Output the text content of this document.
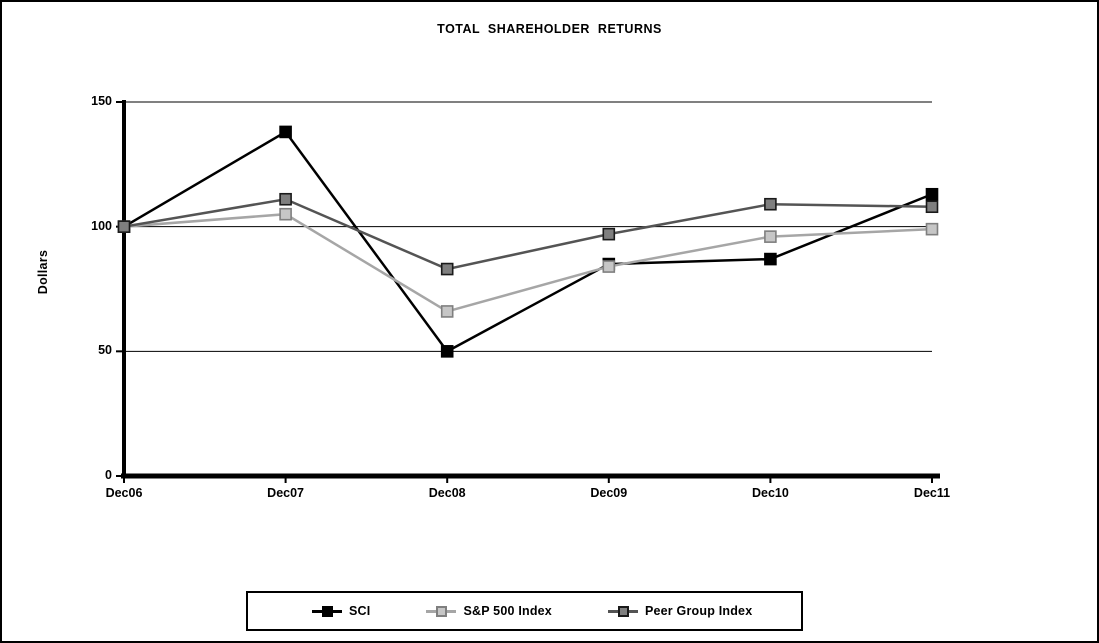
TOTAL SHAREHOLDER RETURNS
Dollars
0
50
100
150
Dec06	Dec07	Dec08	Dec09	Dec10	Dec11
SCI	S&P 500 Index	Peer Group Index
